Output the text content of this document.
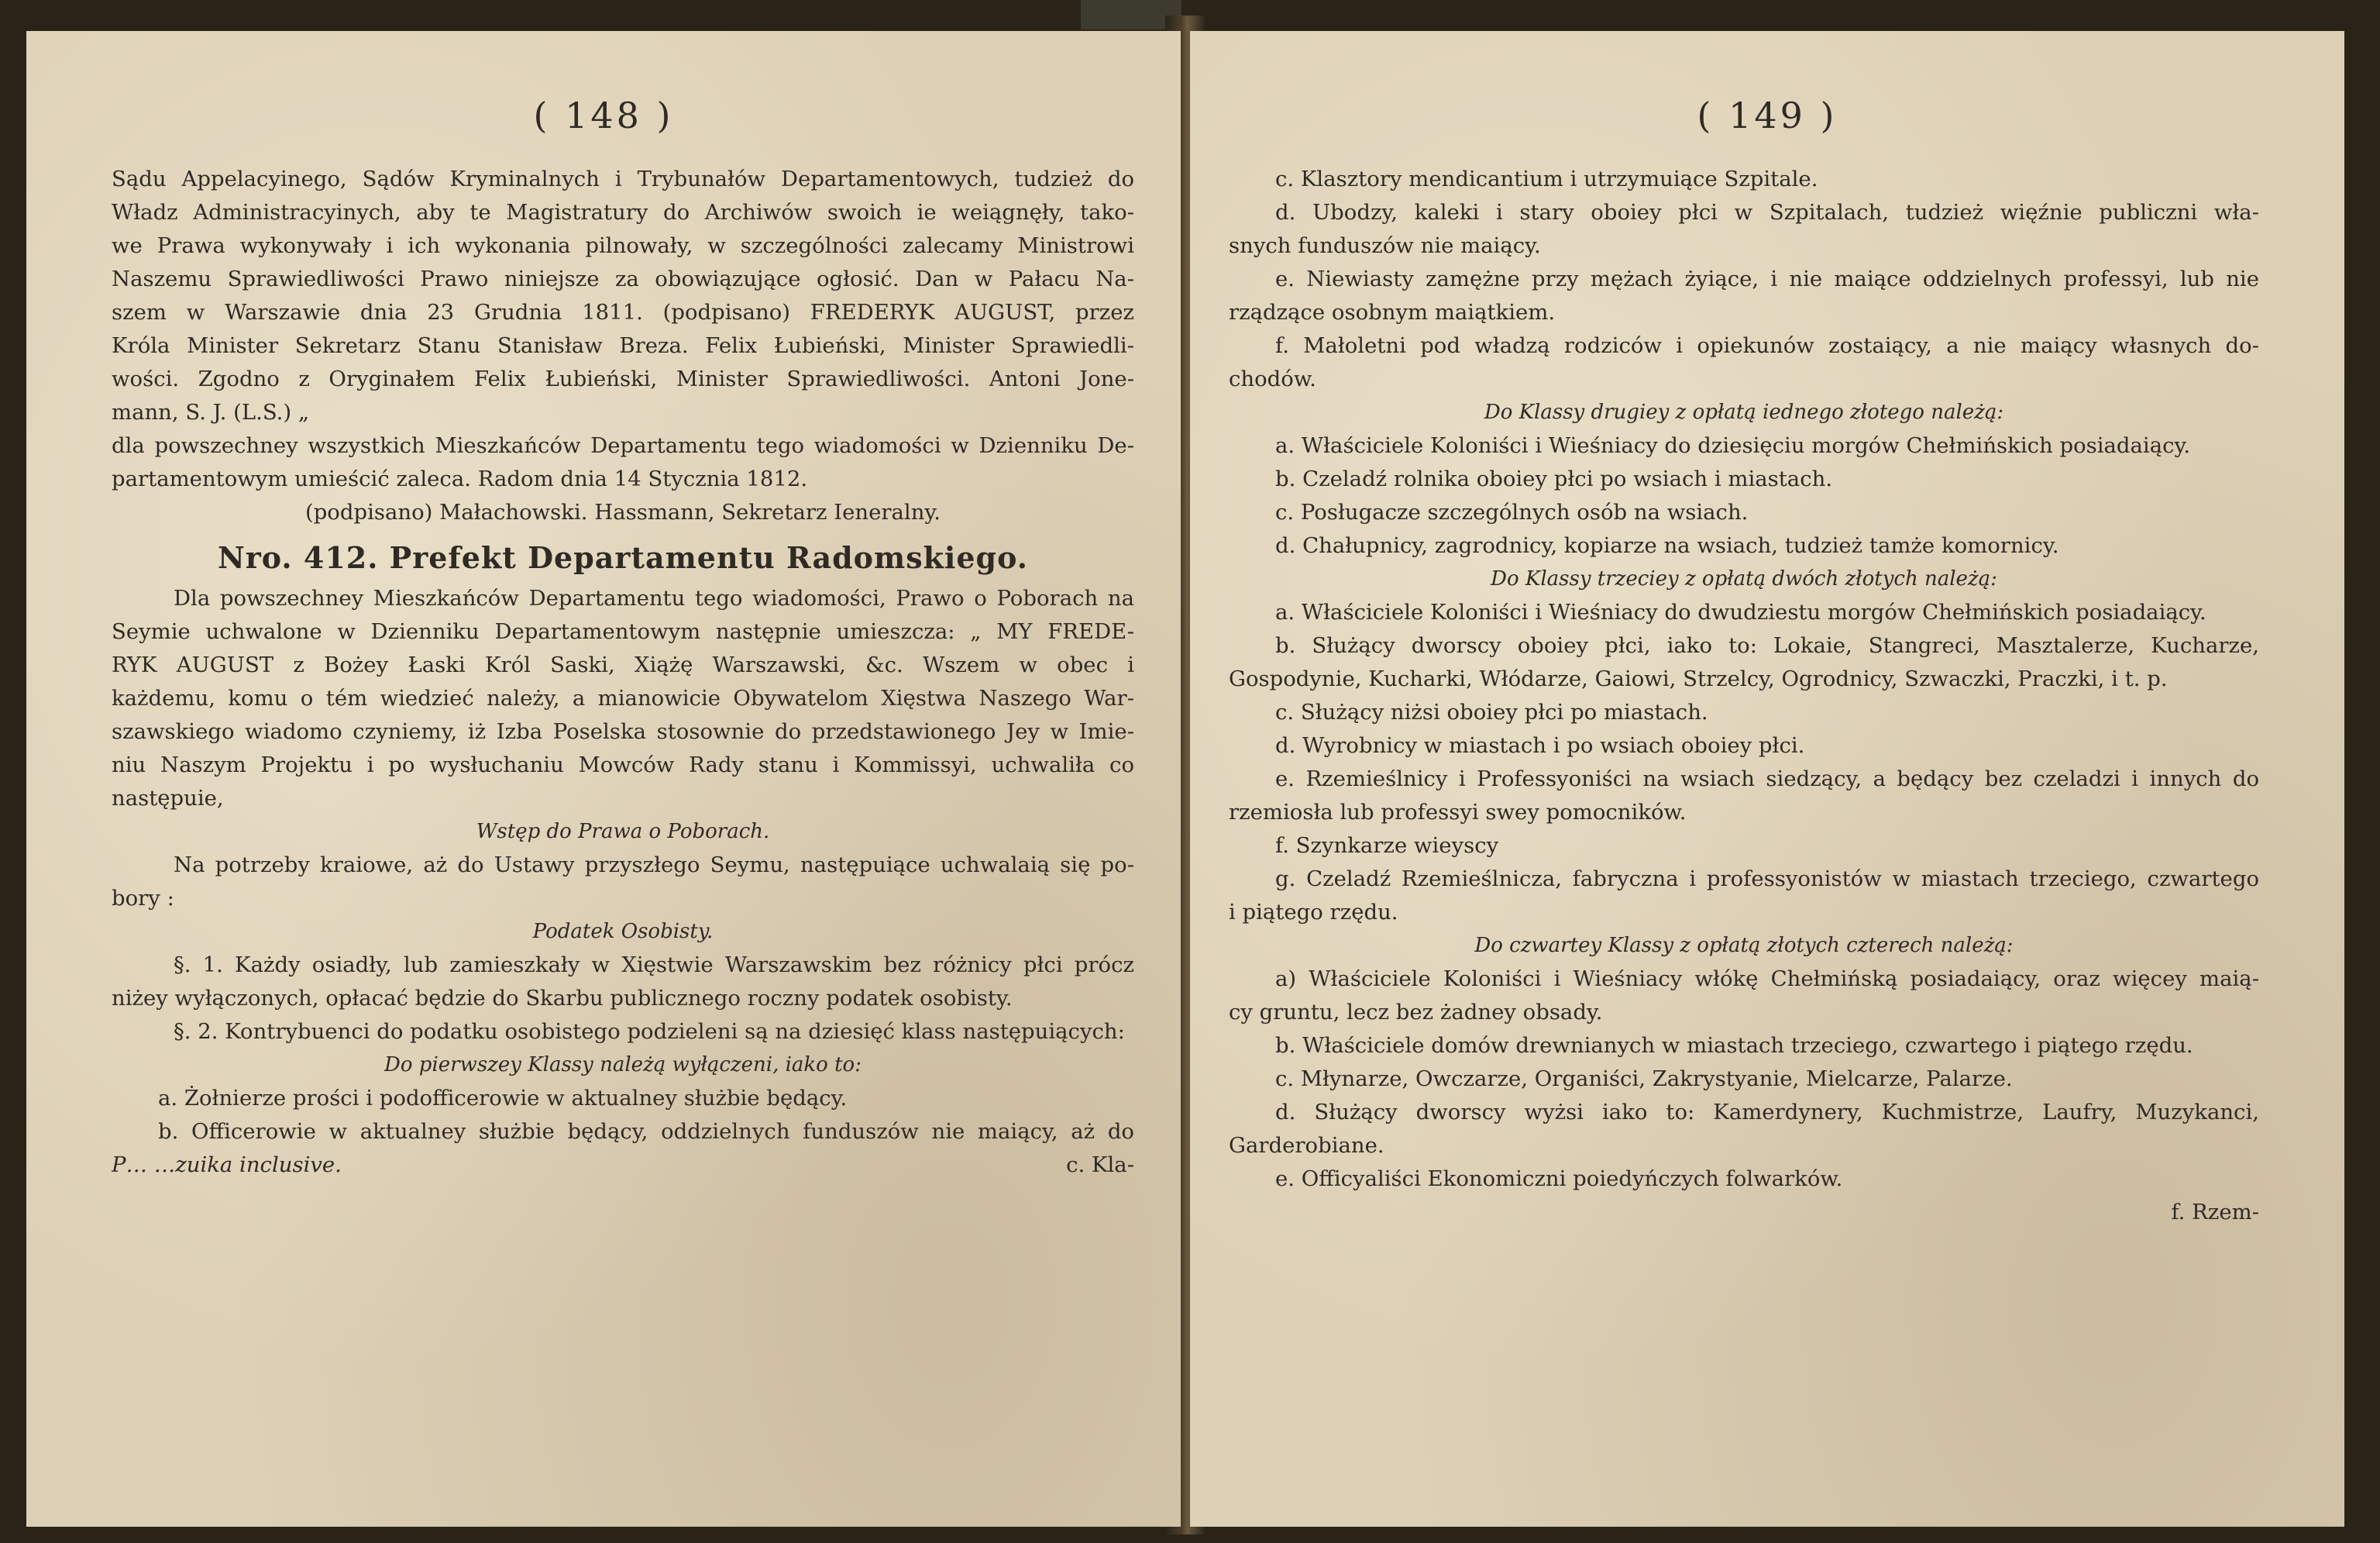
( 148 )
Sądu Appelacyinego, Sądów Kryminalnych i Trybunałów Departamentowych, tudzież do
Władz Administracyinych, aby te Magistratury do Archiwów swoich ie weiągnęły, tako-
we Prawa wykonywały i ich wykonania pilnowały, w szczególności zalecamy Ministrowi
Naszemu Sprawiedliwości Prawo niniejsze za obowiązujące ogłosić. Dan w Pałacu Na-
szem w Warszawie dnia 23 Grudnia 1811. (podpisano) FREDERYK AUGUST, przez
Króla Minister Sekretarz Stanu Stanisław Breza. Felix Łubieński, Minister Sprawiedli-
wości. Zgodno z Oryginałem Felix Łubieński, Minister Sprawiedliwości. Antoni Jone-
mann, S. J. (L.S.) „
dla powszechney wszystkich Mieszkańców Departamentu tego wiadomości w Dzienniku De-
partamentowym umieścić zaleca. Radom dnia 14 Stycznia 1812.
(podpisano) Małachowski. Hassmann, Sekretarz Ieneralny.
Nro. 412. Prefekt Departamentu Radomskiego.
Dla powszechney Mieszkańców Departamentu tego wiadomości, Prawo o Poborach na
Seymie uchwalone w Dzienniku Departamentowym następnie umieszcza: „ MY FREDE-
RYK AUGUST z Bożey Łaski Król Saski, Xiążę Warszawski, &c. Wszem w obec i
każdemu, komu o tém wiedzieć należy, a mianowicie Obywatelom Xięstwa Naszego War-
szawskiego wiadomo czyniemy, iż Izba Poselska stosownie do przedstawionego Jey w Imie-
niu Naszym Projektu i po wysłuchaniu Mowców Rady stanu i Kommissyi, uchwaliła co
następuie,
Wstęp do Prawa o Poborach.
Na potrzeby kraiowe, aż do Ustawy przyszłego Seymu, następuiące uchwalaią się po-
bory :
Podatek Osobisty.
§. 1. Każdy osiadły, lub zamieszkały w Xięstwie Warszawskim bez różnicy płci prócz
niżey wyłączonych, opłacać będzie do Skarbu publicznego roczny podatek osobisty.
§. 2. Kontrybuenci do podatku osobistego podzieleni są na dziesięć klass następuiących:
Do pierwszey Klassy należą wyłączeni, iako to:
a. Żołnierze prości i podofficerowie w aktualney służbie będący.
b. Officerowie w aktualney służbie będący, oddzielnych funduszów nie maiący, aż do
P… …zuika inclusive.	c. Kla-
( 149 )
c. Klasztory mendicantium i utrzymuiące Szpitale.
d. Ubodzy, kaleki i stary oboiey płci w Szpitalach, tudzież więźnie publiczni wła-
snych funduszów nie maiący.
e. Niewiasty zamężne przy mężach żyiące, i nie maiące oddzielnych professyi, lub nie
rządzące osobnym maiątkiem.
f. Małoletni pod władzą rodziców i opiekunów zostaiący, a nie maiący własnych do-
chodów.
Do Klassy drugiey z opłatą iednego złotego należą:
a. Właściciele Koloniści i Wieśniacy do dziesięciu morgów Chełmińskich posiadaiący.
b. Czeladź rolnika oboiey płci po wsiach i miastach.
c. Posługacze szczególnych osób na wsiach.
d. Chałupnicy, zagrodnicy, kopiarze na wsiach, tudzież tamże komornicy.
Do Klassy trzeciey z opłatą dwóch złotych należą:
a. Właściciele Koloniści i Wieśniacy do dwudziestu morgów Chełmińskich posiadaiący.
b. Służący dworscy oboiey płci, iako to: Lokaie, Stangreci, Masztalerze, Kucharze,
Gospodynie, Kucharki, Włódarze, Gaiowi, Strzelcy, Ogrodnicy, Szwaczki, Praczki, i t. p.
c. Służący niżsi oboiey płci po miastach.
d. Wyrobnicy w miastach i po wsiach oboiey płci.
e. Rzemieślnicy i Professyoniści na wsiach siedzący, a będący bez czeladzi i innych do
rzemiosła lub professyi swey pomocników.
f. Szynkarze wieyscy
g. Czeladź Rzemieślnicza, fabryczna i professyonistów w miastach trzeciego, czwartego
i piątego rzędu.
Do czwartey Klassy z opłatą złotych czterech należą:
a) Właściciele Koloniści i Wieśniacy włókę Chełmińską posiadaiący, oraz więcey maią-
cy gruntu, lecz bez żadney obsady.
b. Właściciele domów drewnianych w miastach trzeciego, czwartego i piątego rzędu.
c. Młynarze, Owczarze, Organiści, Zakrystyanie, Mielcarze, Palarze.
d. Służący dworscy wyżsi iako to: Kamerdynery, Kuchmistrze, Laufry, Muzykanci,
Garderobiane.
e. Officyaliści Ekonomiczni poiedyńczych folwarków.
f. Rzem-
